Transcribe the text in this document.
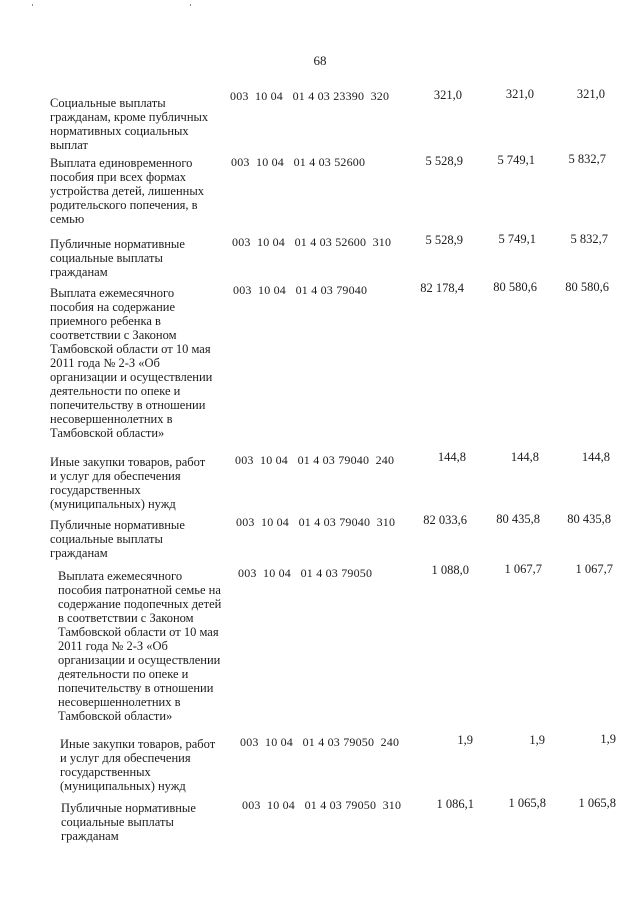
68
Социальные выплаты
гражданам, кроме публичных
нормативных социальных
выплат
003  10 04   01 4 03 23390  320	321,0	321,0	321,0
Выплата единовременного
пособия при всех формах
устройства детей, лишенных
родительского попечения, в
семью
003  10 04   01 4 03 52600	5 528,9	5 749,1	5 832,7
Публичные нормативные
социальные выплаты
гражданам
003  10 04   01 4 03 52600  310	5 528,9	5 749,1	5 832,7
Выплата ежемесячного
пособия на содержание
приемного ребенка в
соответствии с Законом
Тамбовской области от 10 мая
2011 года № 2-З «Об
организации и осуществлении
деятельности по опеке и
попечительству в отношении
несовершеннолетних в
Тамбовской области»
003  10 04   01 4 03 79040	82 178,4	80 580,6	80 580,6
Иные закупки товаров, работ
и услуг для обеспечения
государственных
(муниципальных) нужд
003  10 04   01 4 03 79040  240	144,8	144,8	144,8
Публичные нормативные
социальные выплаты
гражданам
003  10 04   01 4 03 79040  310	82 033,6	80 435,8	80 435,8
Выплата ежемесячного
пособия патронатной семье на
содержание подопечных детей
в соответствии с Законом
Тамбовской области от 10 мая
2011 года № 2-З «Об
организации и осуществлении
деятельности по опеке и
попечительству в отношении
несовершеннолетних в
Тамбовской области»
003  10 04   01 4 03 79050	1 088,0	1 067,7	1 067,7
Иные закупки товаров, работ
и услуг для обеспечения
государственных
(муниципальных) нужд
003  10 04   01 4 03 79050  240	1,9	1,9	1,9
Публичные нормативные
социальные выплаты
гражданам
003  10 04   01 4 03 79050  310	1 086,1	1 065,8	1 065,8
